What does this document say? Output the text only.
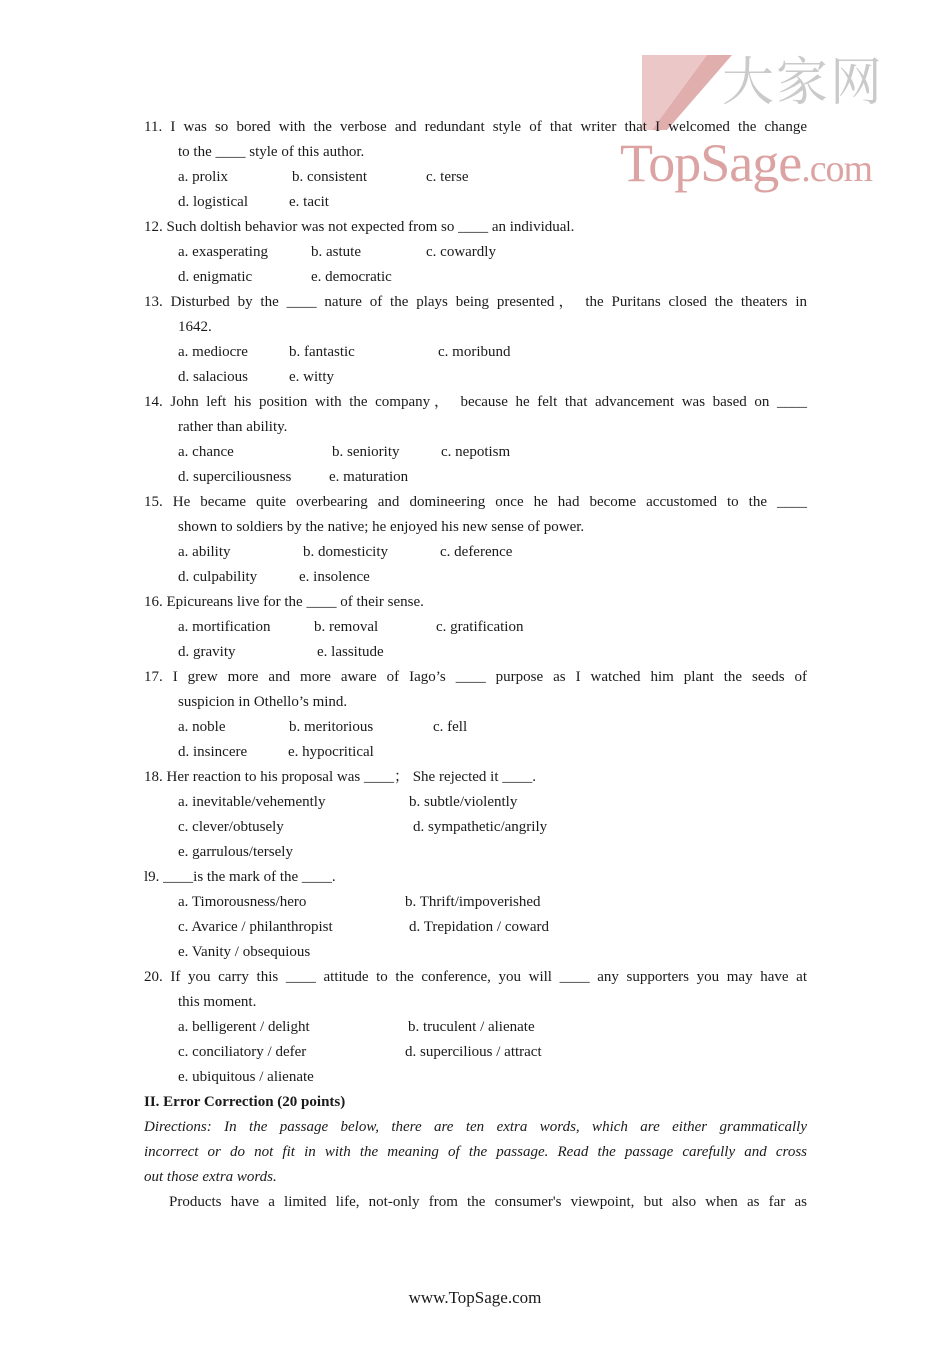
大家网
TopSage.com
11. I was so bored with the verbose and redundant style of that writer that I welcomed the change
to the ____ style of this author.
a. prolix	b. consistent	c. terse
d. logistical	e. tacit
12. Such doltish behavior was not expected from so ____ an individual.
a. exasperating	b. astute	c. cowardly
d. enigmatic	e. democratic
13. Disturbed by the ____ nature of the plays being presented， the Puritans closed the theaters in
1642.
a. mediocre	b. fantastic	c. moribund
d. salacious	e. witty
14. John left his position with the company， because he felt that advancement was based on ____
rather than ability.
a. chance	b. seniority	c. nepotism
d. superciliousness	e. maturation
15. He became quite overbearing and domineering once he had become accustomed to the ____
shown to soldiers by the native; he enjoyed his new sense of power.
a. ability	b. domesticity	c. deference
d. culpability	e. insolence
16. Epicureans live for the ____ of their sense.
a. mortification	b. removal	c. gratification
d. gravity	e. lassitude
17. I grew more and more aware of Iago’s ____ purpose as I watched him plant the seeds of
suspicion in Othello’s mind.
a. noble	b. meritorious	c. fell
d. insincere	e. hypocritical
18. Her reaction to his proposal was ____； She rejected it ____.
a. inevitable/vehemently	b. subtle/violently
c. clever/obtusely	d. sympathetic/angrily
e. garrulous/tersely
l9. ____is the mark of the ____.
a. Timorousness/hero	b. Thrift/impoverished
c. Avarice / philanthropist	d. Trepidation / coward
e. Vanity / obsequious
20. If you carry this ____ attitude to the conference, you will ____ any supporters you may have at
this moment.
a. belligerent / delight	b. truculent / alienate
c. conciliatory / defer	d. supercilious / attract
e. ubiquitous / alienate
II. Error Correction (20 points)
Directions: In the passage below, there are ten extra words, which are either grammatically
incorrect or do not fit in with the meaning of the passage. Read the passage carefully and cross
out those extra words.
Products have a limited life, not-only from the consumer's viewpoint, but also when as far as
www.TopSage.com
